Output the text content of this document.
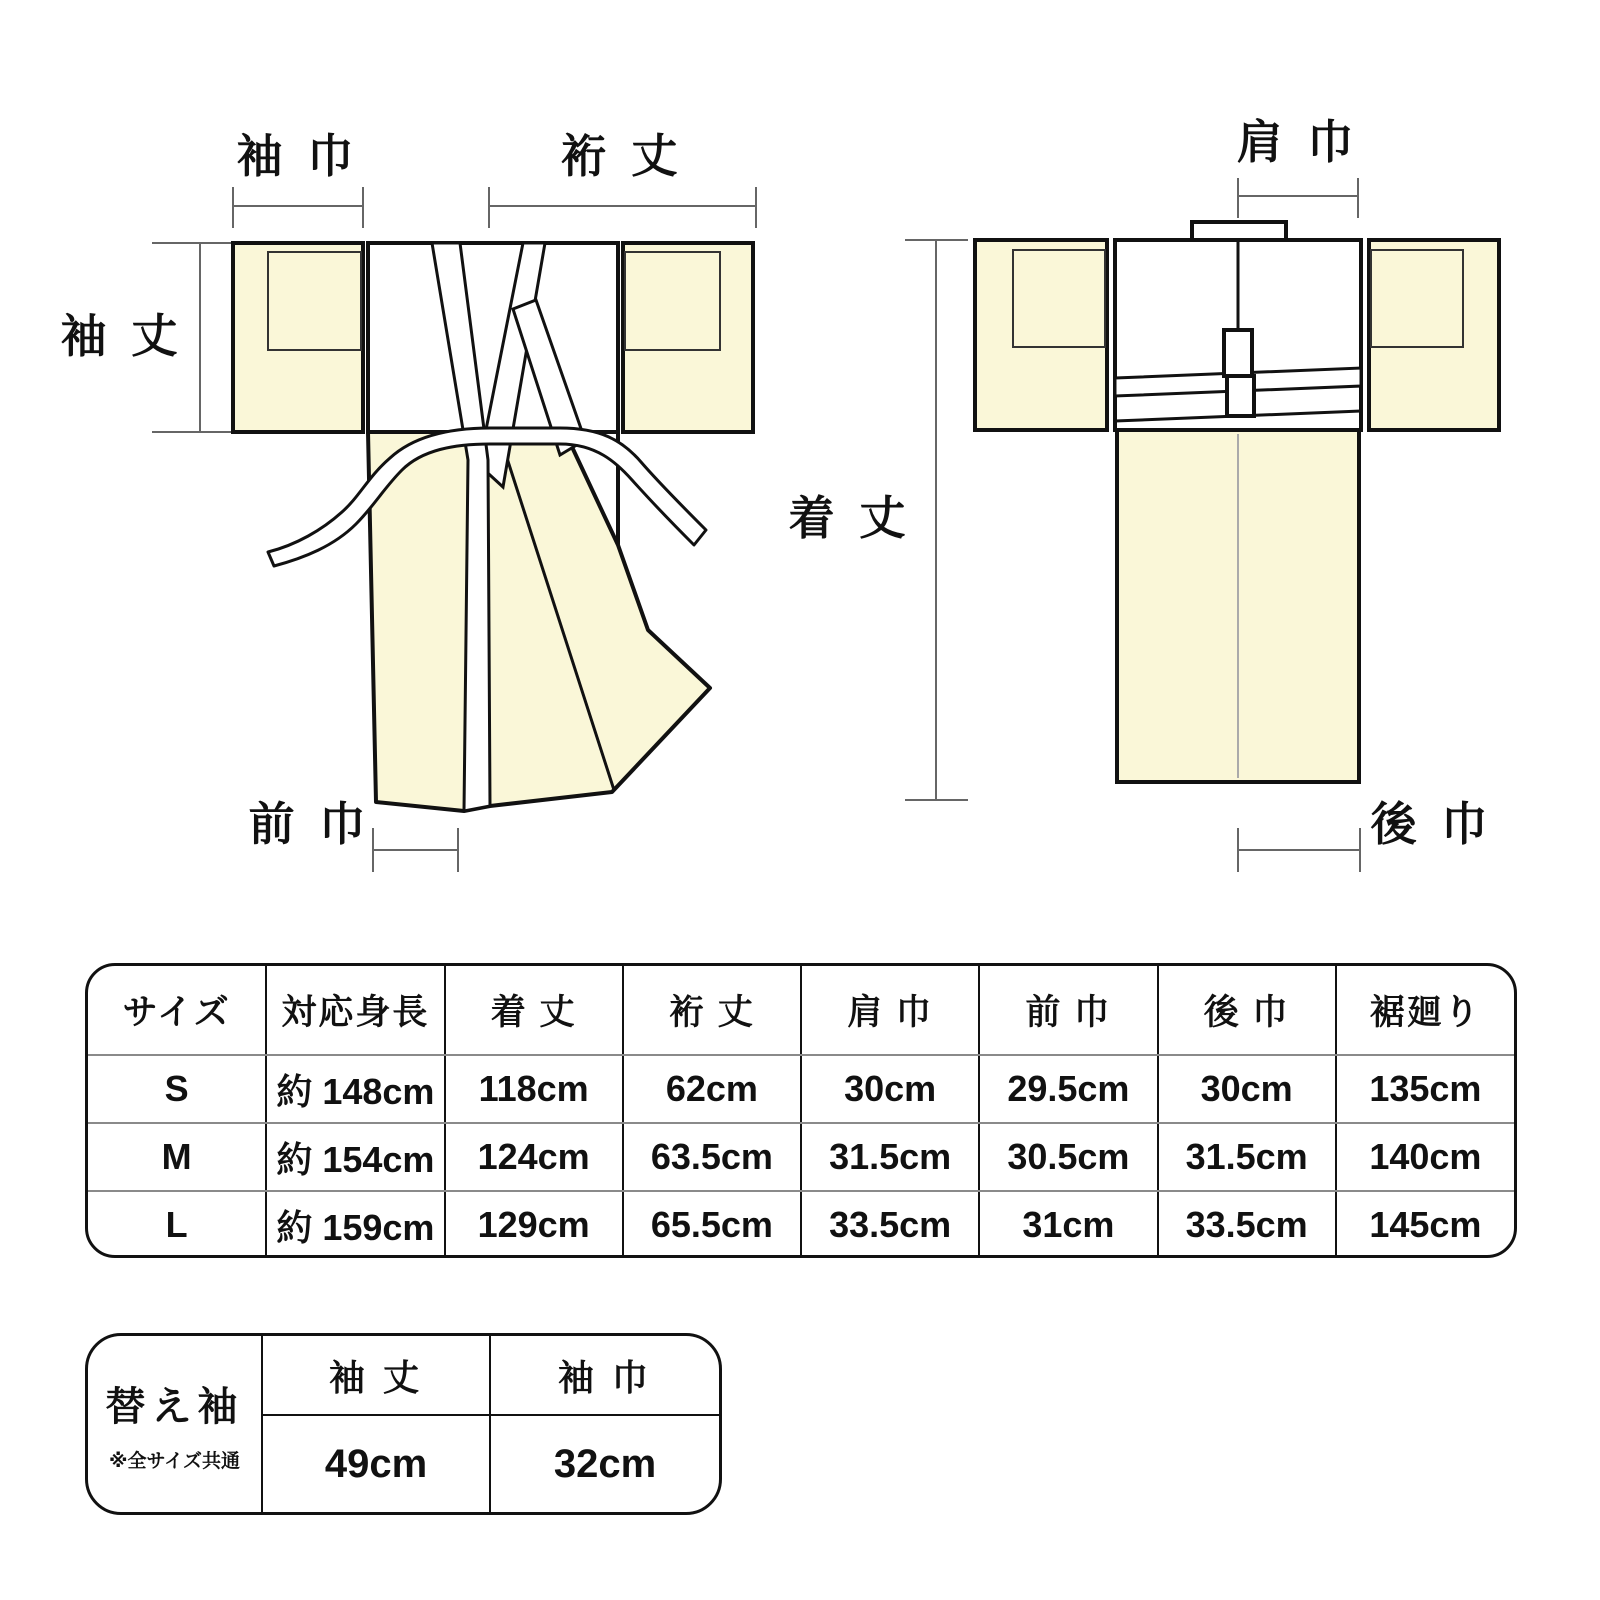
袖 巾	裄 丈
袖 丈
前 巾
肩 巾
着 丈
後 巾
サイズ	対応身長	着 丈	裄 丈	肩 巾	前 巾	後 巾	裾廻り
S	約 148cm	118cm	62cm	30cm	29.5cm	30cm	135cm
M	約 154cm	124cm	63.5cm	31.5cm	30.5cm	31.5cm	140cm
L	約 159cm	129cm	65.5cm	33.5cm	31cm	33.5cm	145cm
替え袖
※全サイズ共通
袖 丈	袖 巾
49cm	32cm
